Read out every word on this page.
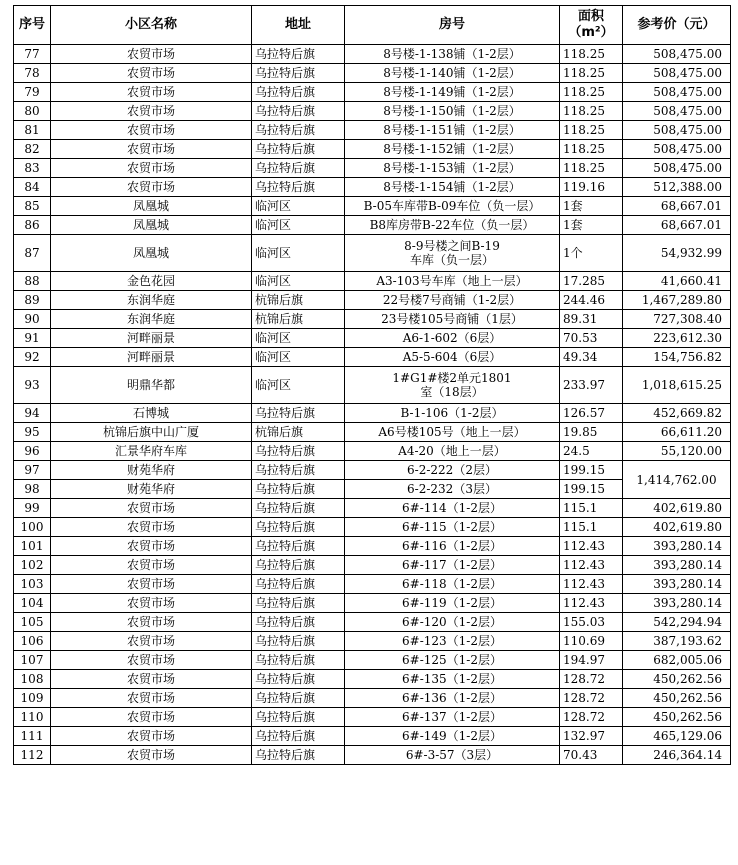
序号	小区名称	地址	房号	面积
（m²）	参考价（元）
77	农贸市场	乌拉特后旗	8号楼-1-138铺（1-2层）	118.25	508,475.00
78	农贸市场	乌拉特后旗	8号楼-1-140铺（1-2层）	118.25	508,475.00
79	农贸市场	乌拉特后旗	8号楼-1-149铺（1-2层）	118.25	508,475.00
80	农贸市场	乌拉特后旗	8号楼-1-150铺（1-2层）	118.25	508,475.00
81	农贸市场	乌拉特后旗	8号楼-1-151铺（1-2层）	118.25	508,475.00
82	农贸市场	乌拉特后旗	8号楼-1-152铺（1-2层）	118.25	508,475.00
83	农贸市场	乌拉特后旗	8号楼-1-153铺（1-2层）	118.25	508,475.00
84	农贸市场	乌拉特后旗	8号楼-1-154铺（1-2层）	119.16	512,388.00
85	凤凰城	临河区	B-05车库带B-09车位（负一层）	1套	68,667.01
86	凤凰城	临河区	B8库房带B-22车位（负一层）	1套	68,667.01
87	凤凰城	临河区	8-9号楼之间B-19
车库（负一层）	1个	54,932.99
88	金色花园	临河区	A3-103号车库（地上一层）	17.285	41,660.41
89	东润华庭	杭锦后旗	22号楼7号商铺（1-2层）	244.46	1,467,289.80
90	东润华庭	杭锦后旗	23号楼105号商铺（1层）	89.31	727,308.40
91	河畔丽景	临河区	A6-1-602（6层）	70.53	223,612.30
92	河畔丽景	临河区	A5-5-604（6层）	49.34	154,756.82
93	明鼎华都	临河区	1#G1#楼2单元1801
室（18层）	233.97	1,018,615.25
94	石博城	乌拉特后旗	B-1-106（1-2层）	126.57	452,669.82
95	杭锦后旗中山广厦	杭锦后旗	A6号楼105号（地上一层）	19.85	66,611.20
96	汇景华府车库	乌拉特后旗	A4-20（地上一层）	24.5	55,120.00
97	财苑华府	乌拉特后旗	6-2-222（2层）	199.15	1,414,762.00
98	财苑华府	乌拉特后旗	6-2-232（3层）	199.15	
99	农贸市场	乌拉特后旗	6#-114（1-2层）	115.1	402,619.80
100	农贸市场	乌拉特后旗	6#-115（1-2层）	115.1	402,619.80
101	农贸市场	乌拉特后旗	6#-116（1-2层）	112.43	393,280.14
102	农贸市场	乌拉特后旗	6#-117（1-2层）	112.43	393,280.14
103	农贸市场	乌拉特后旗	6#-118（1-2层）	112.43	393,280.14
104	农贸市场	乌拉特后旗	6#-119（1-2层）	112.43	393,280.14
105	农贸市场	乌拉特后旗	6#-120（1-2层）	155.03	542,294.94
106	农贸市场	乌拉特后旗	6#-123（1-2层）	110.69	387,193.62
107	农贸市场	乌拉特后旗	6#-125（1-2层）	194.97	682,005.06
108	农贸市场	乌拉特后旗	6#-135（1-2层）	128.72	450,262.56
109	农贸市场	乌拉特后旗	6#-136（1-2层）	128.72	450,262.56
110	农贸市场	乌拉特后旗	6#-137（1-2层）	128.72	450,262.56
111	农贸市场	乌拉特后旗	6#-149（1-2层）	132.97	465,129.06
112	农贸市场	乌拉特后旗	6#-3-57（3层）	70.43	246,364.14
